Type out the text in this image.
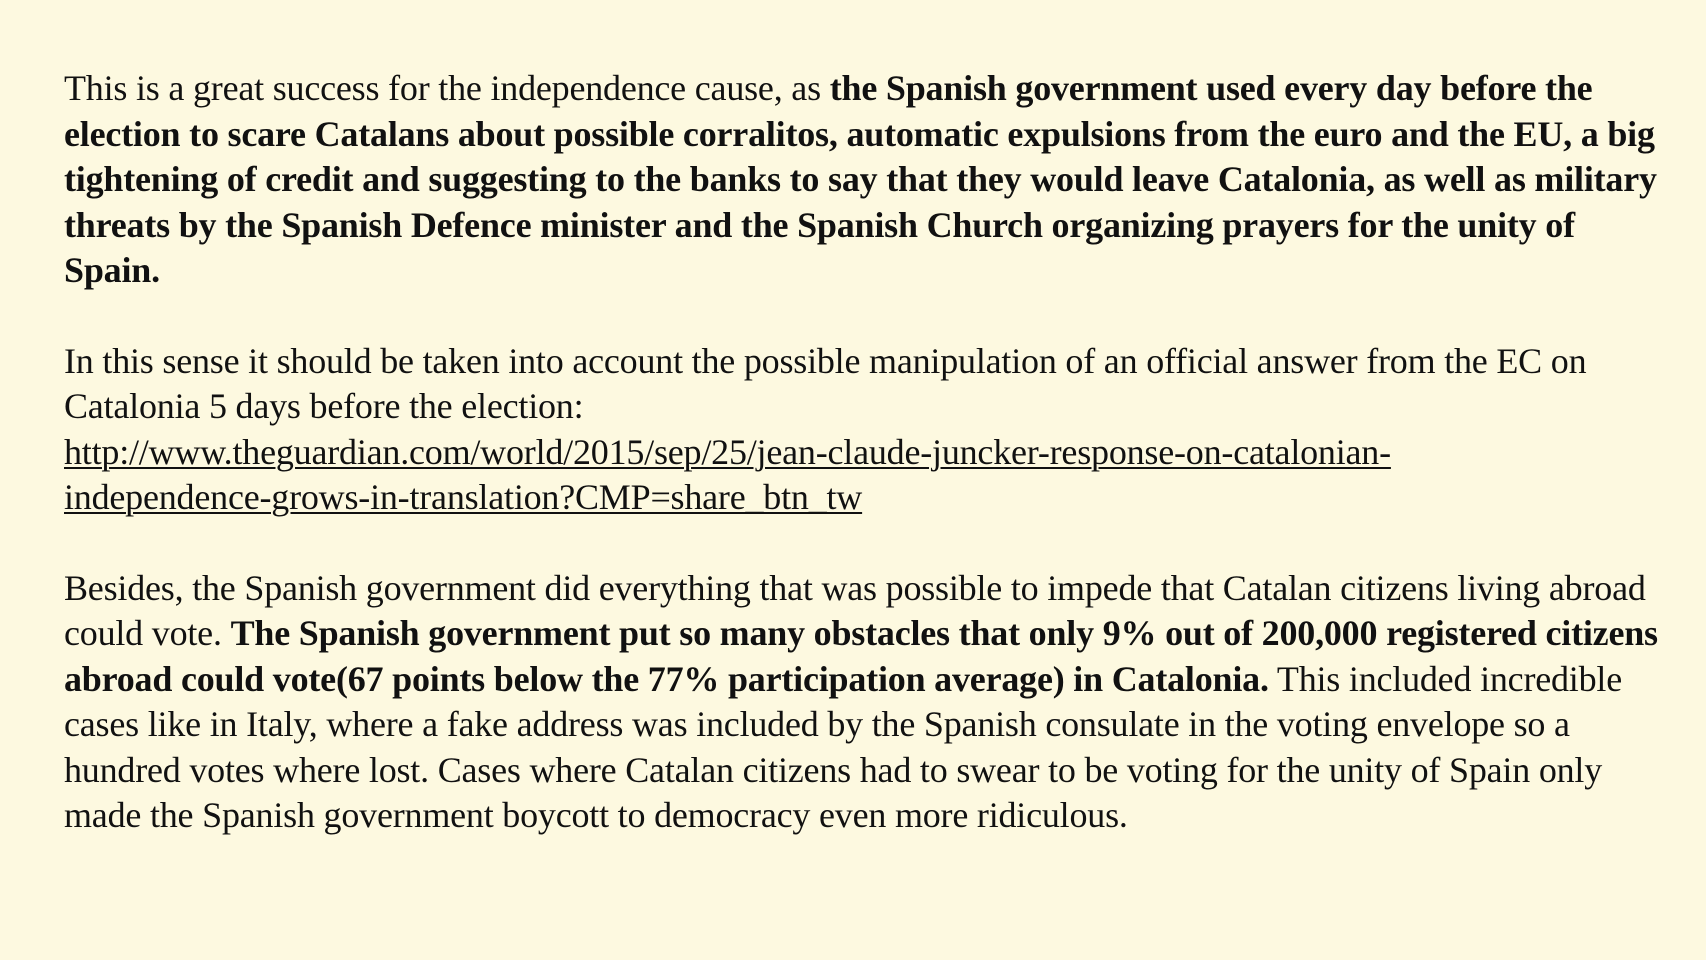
This is a great success for the independence cause, as the Spanish government used every day before the election to scare Catalans about possible corralitos, automatic expulsions from the euro and the EU, a big tightening of credit and suggesting to the banks to say that they would leave Catalonia, as well as military threats by the Spanish Defence minister and the Spanish Church organizing prayers for the unity of Spain.

In this sense it should be taken into account the possible manipulation of an official answer from the EC on Catalonia 5 days before the election:
http://www.theguardian.com/world/2015/sep/25/jean-claude-juncker-response-on-catalonian-
independence-grows-in-translation?CMP=share_btn_tw

Besides, the Spanish government did everything that was possible to impede that Catalan citizens living abroad could vote. The Spanish government put so many obstacles that only 9% out of 200,000 registered citizens abroad could vote(67 points below the 77% participation average) in Catalonia. This included incredible cases like in Italy, where a fake address was included by the Spanish consulate in the voting envelope so a hundred votes where lost. Cases where Catalan citizens had to swear to be voting for the unity of Spain only made the Spanish government boycott to democracy even more ridiculous.
